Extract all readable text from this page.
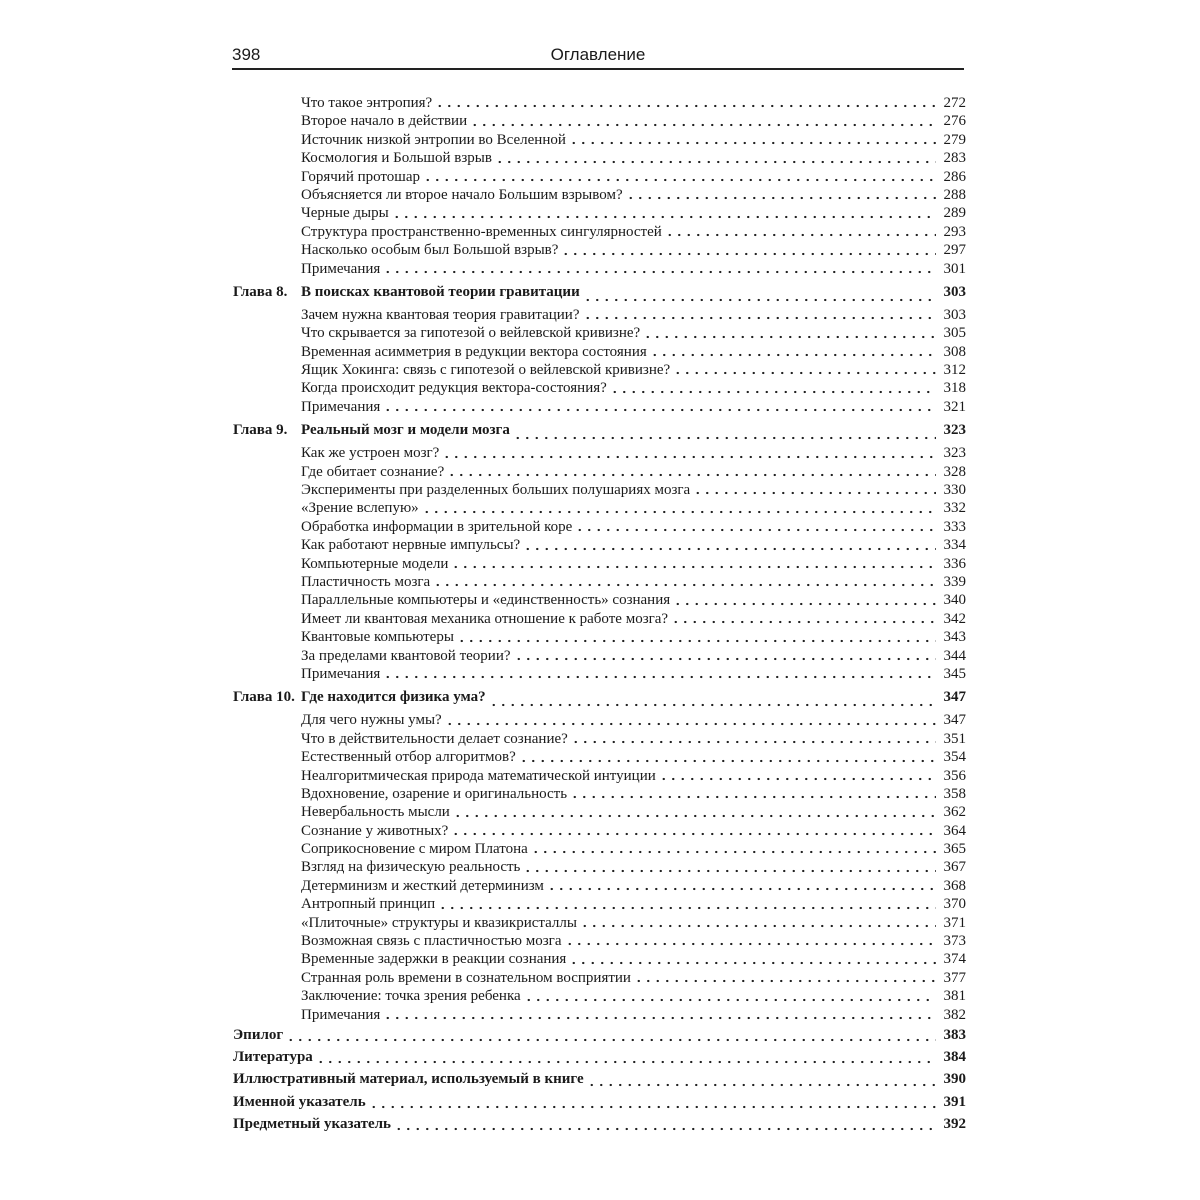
398	Оглавление
Что такое энтропия?	272
Второе начало в действии	276
Источник низкой энтропии во Вселенной	279
Космология и Большой взрыв	283
Горячий протошар	286
Объясняется ли второе начало Большим взрывом?	288
Черные дыры	289
Структура пространственно-временных сингулярностей	293
Насколько особым был Большой взрыв?	297
Примечания	301
Глава 8. В поисках квантовой теории гравитации	303
Зачем нужна квантовая теория гравитации?	303
Что скрывается за гипотезой о вейлевской кривизне?	305
Временная асимметрия в редукции вектора состояния	308
Ящик Хокинга: связь с гипотезой о вейлевской кривизне?	312
Когда происходит редукция вектора-состояния?	318
Примечания	321
Глава 9. Реальный мозг и модели мозга	323
Как же устроен мозг?	323
Где обитает сознание?	328
Эксперименты при разделенных больших полушариях мозга	330
«Зрение вслепую»	332
Обработка информации в зрительной коре	333
Как работают нервные импульсы?	334
Компьютерные модели	336
Пластичность мозга	339
Параллельные компьютеры и «единственность» сознания	340
Имеет ли квантовая механика отношение к работе мозга?	342
Квантовые компьютеры	343
За пределами квантовой теории?	344
Примечания	345
Глава 10. Где находится физика ума?	347
Для чего нужны умы?	347
Что в действительности делает сознание?	351
Естественный отбор алгоритмов?	354
Неалгоритмическая природа математической интуиции	356
Вдохновение, озарение и оригинальность	358
Невербальность мысли	362
Сознание у животных?	364
Соприкосновение с миром Платона	365
Взгляд на физическую реальность	367
Детерминизм и жесткий детерминизм	368
Антропный принцип	370
«Плиточные» структуры и квазикристаллы	371
Возможная связь с пластичностью мозга	373
Временные задержки в реакции сознания	374
Странная роль времени в сознательном восприятии	377
Заключение: точка зрения ребенка	381
Примечания	382
Эпилог	383
Литература	384
Иллюстративный материал, используемый в книге	390
Именной указатель	391
Предметный указатель	392
